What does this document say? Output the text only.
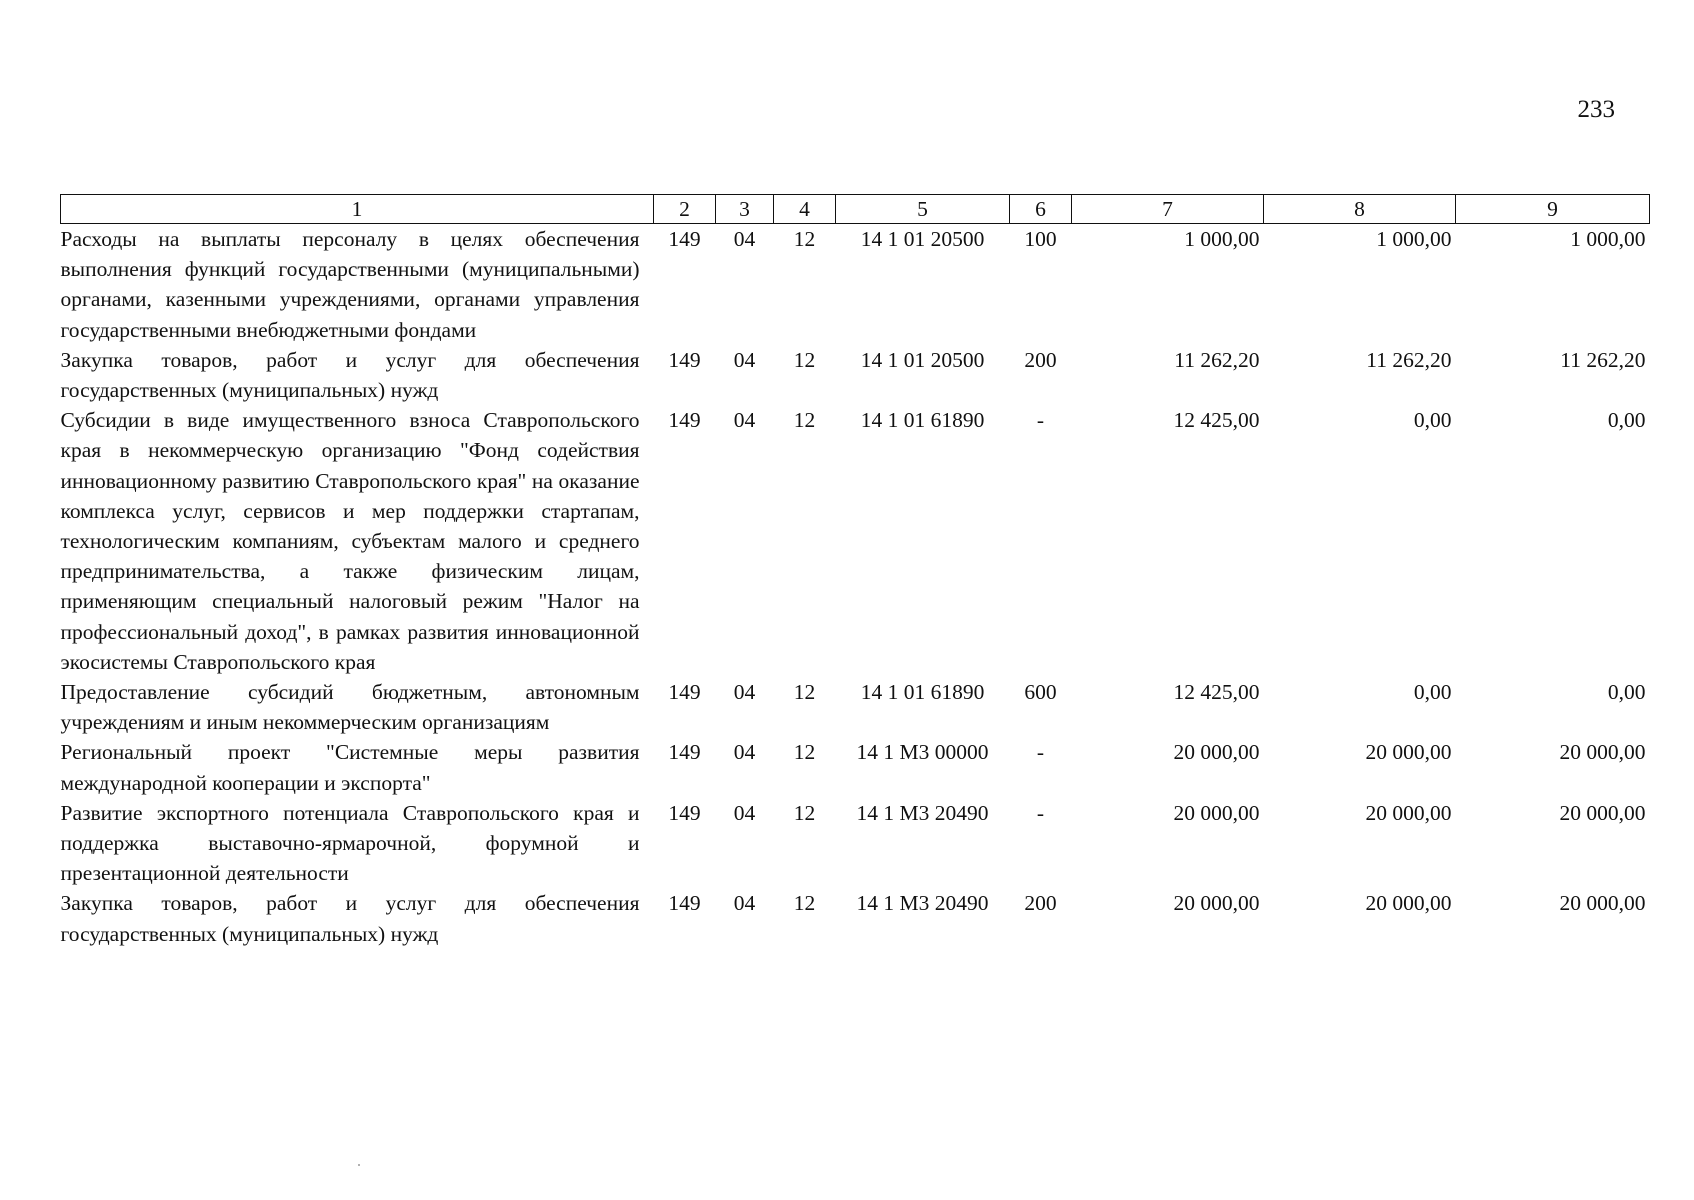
233
1	2	3	4	5	6	7	8	9
Расходы на выплаты персоналу в целях обеспечения выполнения функций государственными (муниципальными) органами, казенными учреждениями, органами управления государственными внебюджетными фондами	149	04	12	14 1 01 20500	100	1 000,00	1 000,00	1 000,00
Закупка товаров, работ и услуг для обеспечения государственных (муниципальных) нужд	149	04	12	14 1 01 20500	200	11 262,20	11 262,20	11 262,20
Субсидии в виде имущественного взноса Ставропольского края в некоммерческую организацию "Фонд содействия инновационному развитию Ставропольского края" на оказание комплекса услуг, сервисов и мер поддержки стартапам, технологическим компаниям, субъектам малого и среднего предпринимательства, а также физическим лицам, применяющим специальный налоговый режим "Налог на профессиональный доход", в рамках развития инновационной экосистемы Ставропольского края	149	04	12	14 1 01 61890	-	12 425,00	0,00	0,00
Предоставление субсидий бюджетным, автономным учреждениям и иным некоммерческим организациям	149	04	12	14 1 01 61890	600	12 425,00	0,00	0,00
Региональный проект "Системные меры развития международной кооперации и экспорта"	149	04	12	14 1 М3 00000	-	20 000,00	20 000,00	20 000,00
Развитие экспортного потенциала Ставропольского края и поддержка выставочно-ярмарочной, форумной и презентационной деятельности	149	04	12	14 1 М3 20490	-	20 000,00	20 000,00	20 000,00
Закупка товаров, работ и услуг для обеспечения государственных (муниципальных) нужд	149	04	12	14 1 М3 20490	200	20 000,00	20 000,00	20 000,00
